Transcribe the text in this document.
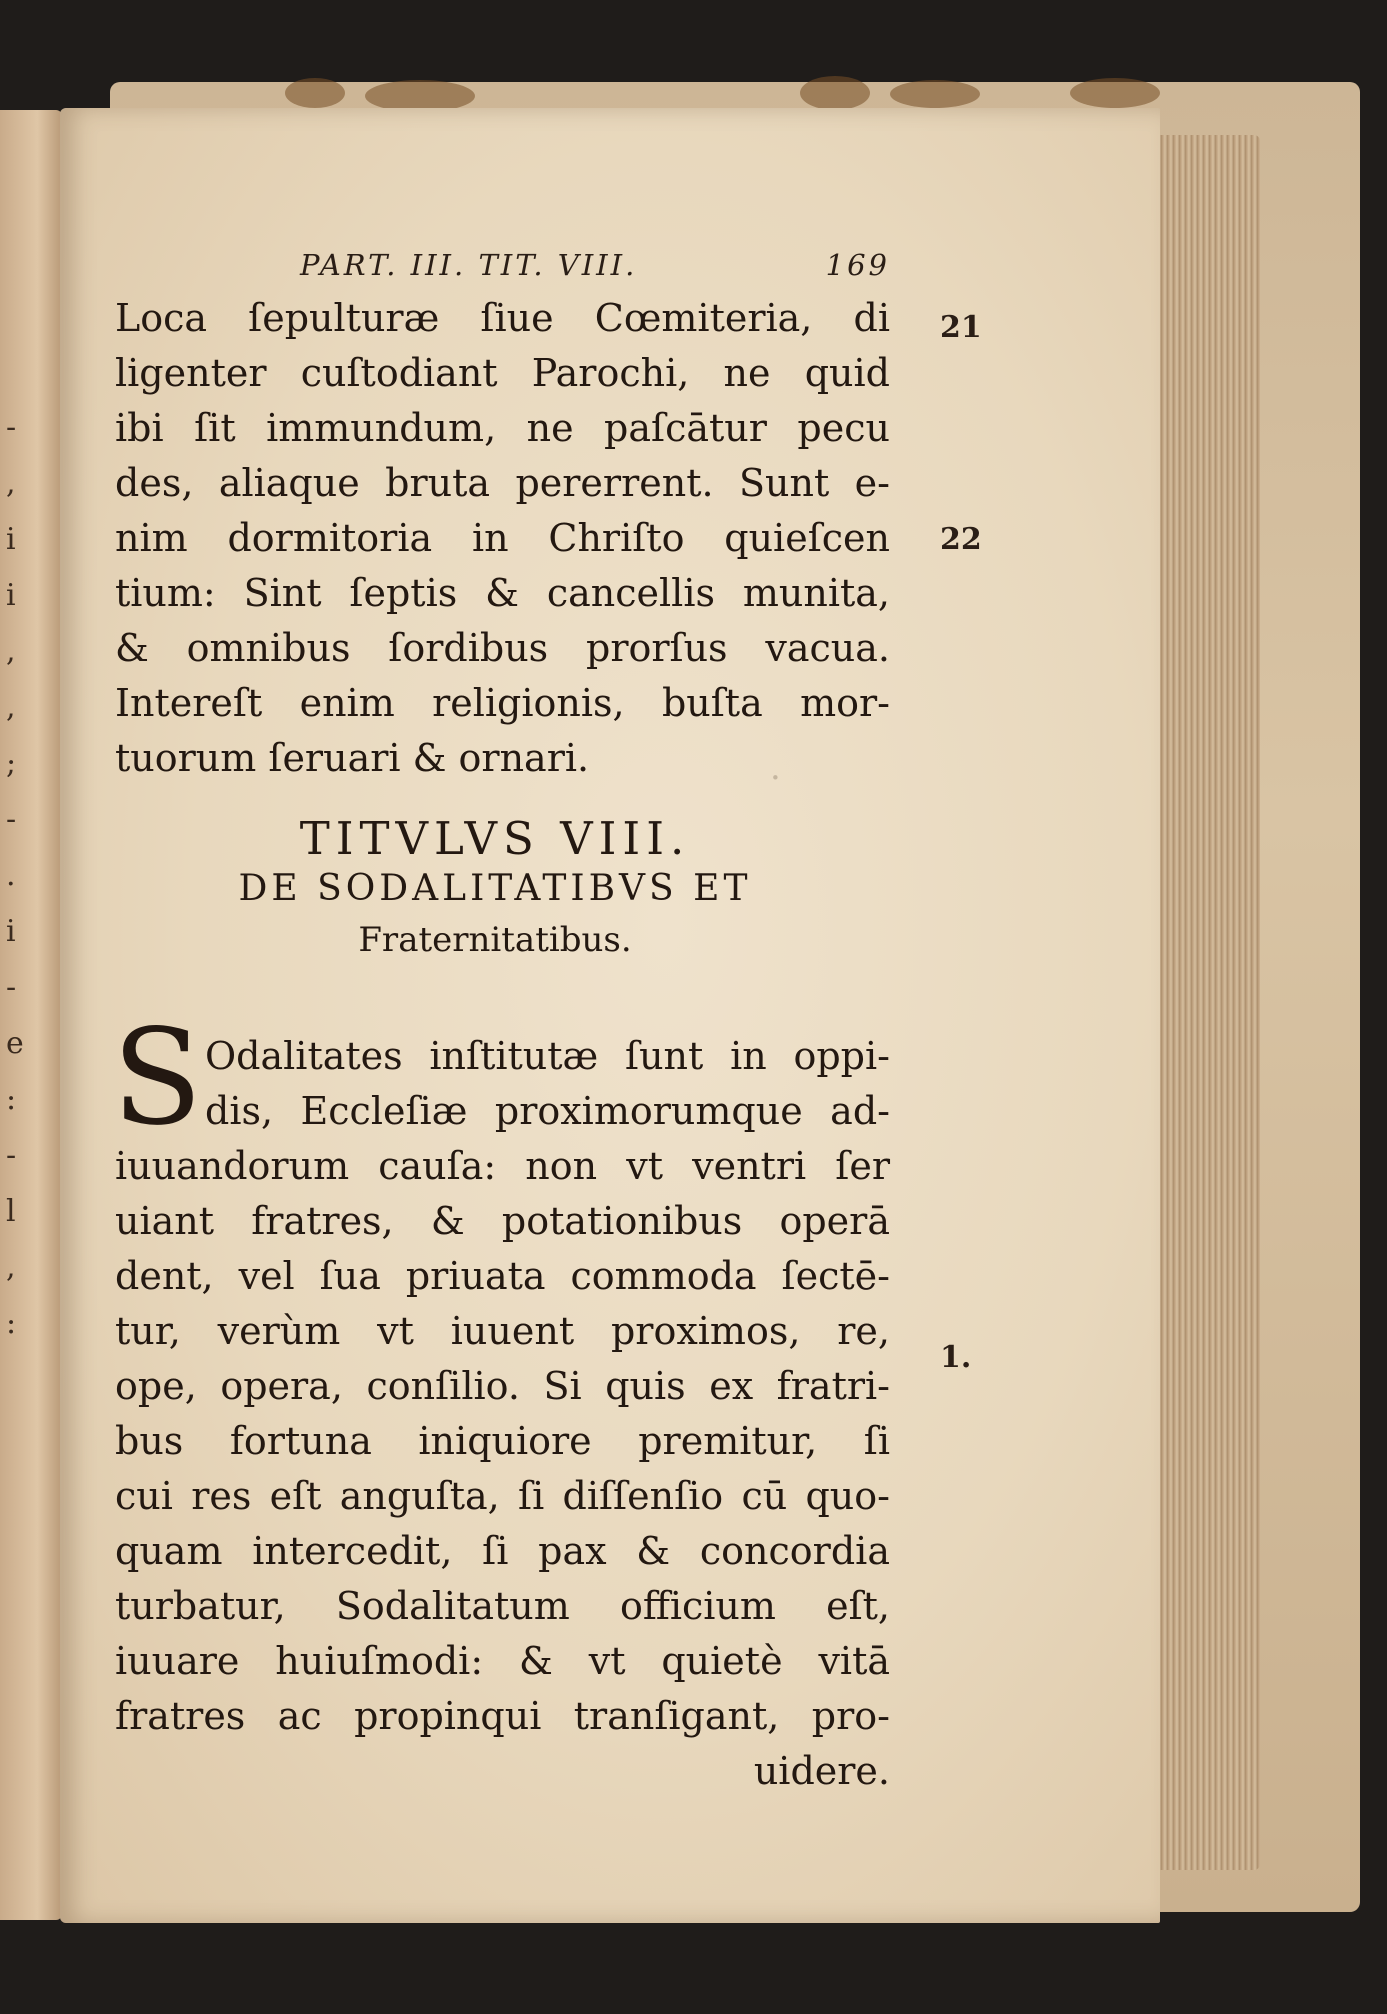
-
,
i
i
,
,
;
-
.
i
-
e
:
-
l
,
:
·
PART. III. TIT. VIII.	169
Loca ſepulturæ ſiue Cœmiteria, di
ligenter cuſtodiant Parochi, ne quid
ibi ſit immundum, ne paſcātur pecu
des, aliaque bruta pererrent. Sunt e-
nim dormitoria in Chriſto quieſcen
tium: Sint ſeptis & cancellis munita,
& omnibus ſordibus prorſus vacua.
Intereſt enim religionis, buſta mor-
tuorum ſeruari & ornari.
TITVLVS VIII.
DE SODALITATIBVS ET
Fraternitatibus.
S Odalitates inſtitutæ ſunt in oppi-
dis, Eccleſiæ proximorumque ad-
iuuandorum cauſa: non vt ventri ſer
uiant fratres, & potationibus operā
dent, vel ſua priuata commoda ſectē-
tur, verùm vt iuuent proximos, re,
ope, opera, conſilio. Si quis ex fratri-
bus fortuna iniquiore premitur, ſi
cui res eſt anguſta, ſi diſſenſio cū quo-
quam intercedit, ſi pax & concordia
turbatur, Sodalitatum officium eſt,
iuuare huiuſmodi: & vt quietè vitā
fratres ac propinqui tranſigant, pro-
uidere.
21
22
1.
